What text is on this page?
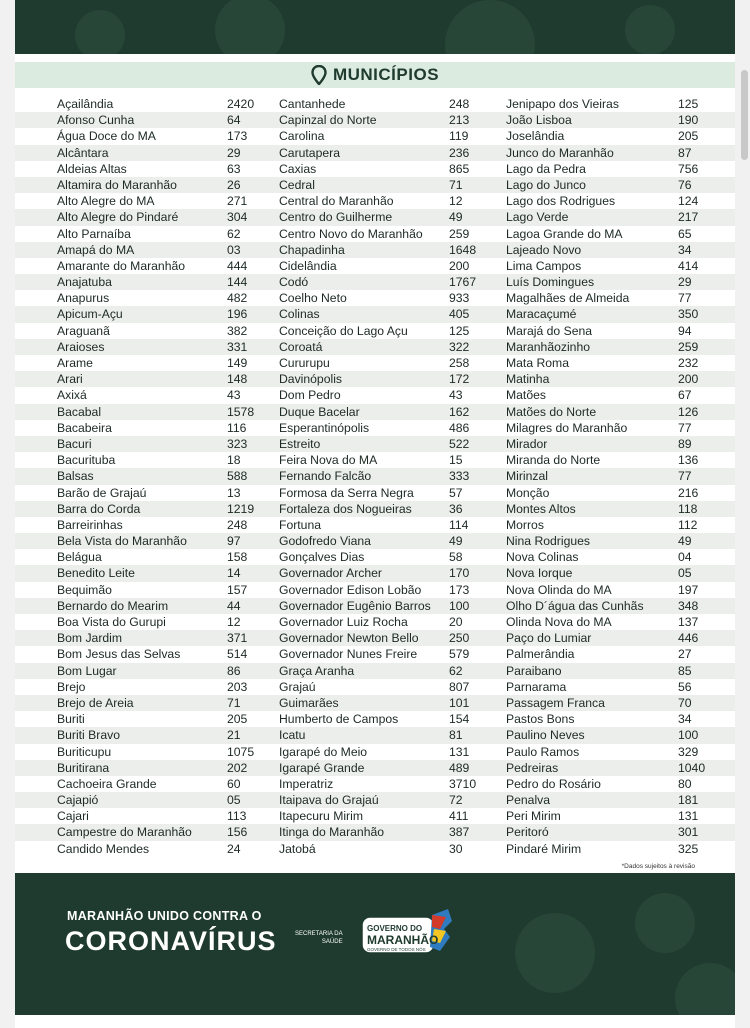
MUNICÍPIOS
Açailândia	2420	Cantanhede	248	Jenipapo dos Vieiras	125
Afonso Cunha	64	Capinzal do Norte	213	João Lisboa	190
Água Doce do MA	173	Carolina	119	Joselândia	205
Alcântara	29	Carutapera	236	Junco do Maranhão	87
Aldeias Altas	63	Caxias	865	Lago da Pedra	756
Altamira do Maranhão	26	Cedral	71	Lago do Junco	76
Alto Alegre do MA	271	Central do Maranhão	12	Lago dos Rodrigues	124
Alto Alegre do Pindaré	304	Centro do Guilherme	49	Lago Verde	217
Alto Parnaíba	62	Centro Novo do Maranhão	259	Lagoa Grande do MA	65
Amapá do MA	03	Chapadinha	1648	Lajeado Novo	34
Amarante do Maranhão	444	Cidelândia	200	Lima Campos	414
Anajatuba	144	Codó	1767	Luís Domingues	29
Anapurus	482	Coelho Neto	933	Magalhães de Almeida	77
Apicum-Açu	196	Colinas	405	Maracaçumé	350
Araguanã	382	Conceição do Lago Açu	125	Marajá do Sena	94
Araioses	331	Coroatá	322	Maranhãozinho	259
Arame	149	Cururupu	258	Mata Roma	232
Arari	148	Davinópolis	172	Matinha	200
Axixá	43	Dom Pedro	43	Matões	67
Bacabal	1578	Duque Bacelar	162	Matões do Norte	126
Bacabeira	116	Esperantinópolis	486	Milagres do Maranhão	77
Bacuri	323	Estreito	522	Mirador	89
Bacurituba	18	Feira Nova do MA	15	Miranda do Norte	136
Balsas	588	Fernando Falcão	333	Mirinzal	77
Barão de Grajaú	13	Formosa da Serra Negra	57	Monção	216
Barra do Corda	1219	Fortaleza dos Nogueiras	36	Montes Altos	118
Barreirinhas	248	Fortuna	114	Morros	112
Bela Vista do Maranhão	97	Godofredo Viana	49	Nina Rodrigues	49
Belágua	158	Gonçalves Dias	58	Nova Colinas	04
Benedito Leite	14	Governador Archer	170	Nova Iorque	05
Bequimão	157	Governador Edison Lobão	173	Nova Olinda do MA	197
Bernardo do Mearim	44	Governador Eugênio Barros	100	Olho D´água das Cunhãs	348
Boa Vista do Gurupi	12	Governador Luiz Rocha	20	Olinda Nova do MA	137
Bom Jardim	371	Governador Newton Bello	250	Paço do Lumiar	446
Bom Jesus das Selvas	514	Governador Nunes Freire	579	Palmerândia	27
Bom Lugar	86	Graça Aranha	62	Paraibano	85
Brejo	203	Grajaú	807	Parnarama	56
Brejo de Areia	71	Guimarães	101	Passagem Franca	70
Buriti	205	Humberto de Campos	154	Pastos Bons	34
Buriti Bravo	21	Icatu	81	Paulino Neves	100
Buriticupu	1075	Igarapé do Meio	131	Paulo Ramos	329
Buritirana	202	Igarapé Grande	489	Pedreiras	1040
Cachoeira Grande	60	Imperatriz	3710	Pedro do Rosário	80
Cajapió	05	Itaipava do Grajaú	72	Penalva	181
Cajari	113	Itapecuru Mirim	411	Peri Mirim	131
Campestre do Maranhão	156	Itinga do Maranhão	387	Peritoró	301
Candido Mendes	24	Jatobá	30	Pindaré Mirim	325
*Dados sujeitos à revisão
MARANHÃO UNIDO CONTRA O
CORONAVÍRUS	SECRETARIA DA
SAÚDE
GOVERNO DO
MARANHÃO
GOVERNO DE TODOS NÓS
